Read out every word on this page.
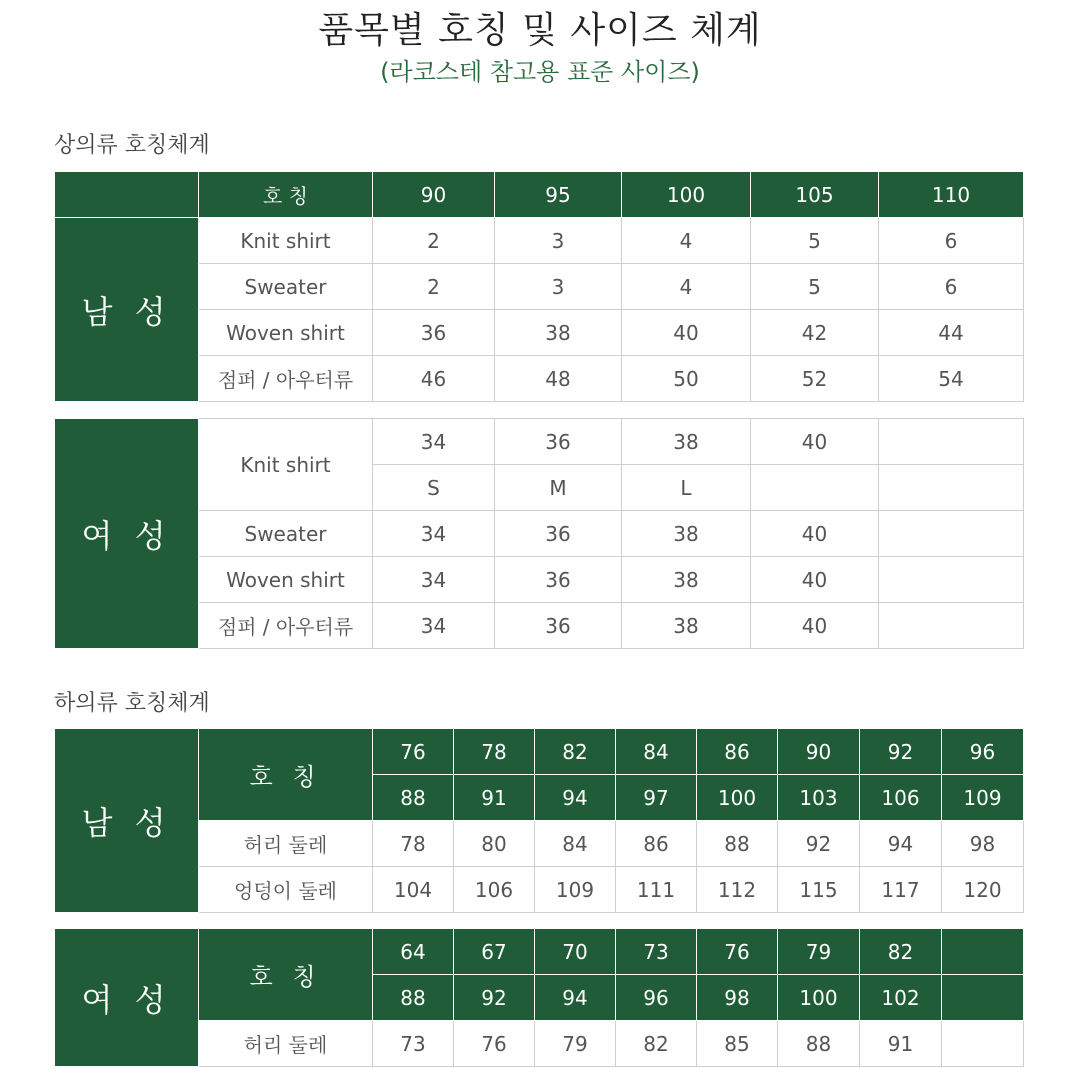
품목별 호칭 및 사이즈 체계
(라코스테 참고용 표준 사이즈)
상의류 호칭체계
	호 칭	90	95	100	105	110
남 성	Knit shirt	2	3	4	5	6
	Sweater	2	3	4	5	6
	Woven shirt	36	38	40	42	44
	점퍼 / 아우터류	46	48	50	52	54
여 성	Knit shirt	34	36	38	40	
		S	M	L		
	Sweater	34	36	38	40	
	Woven shirt	34	36	38	40	
	점퍼 / 아우터류	34	36	38	40	
하의류 호칭체계
남 성	호 칭	76	78	82	84	86	90	92	96
		88	91	94	97	100	103	106	109
	허리 둘레	78	80	84	86	88	92	94	98
	엉덩이 둘레	104	106	109	111	112	115	117	120
여 성	호 칭	64	67	70	73	76	79	82	
		88	92	94	96	98	100	102	
	허리 둘레	73	76	79	82	85	88	91	
